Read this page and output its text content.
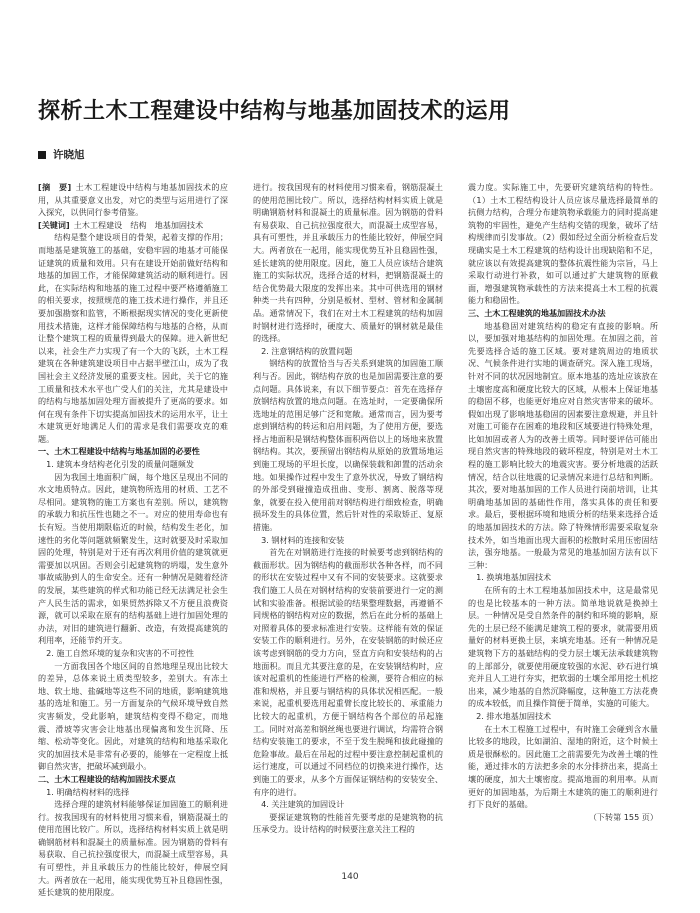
探析土木工程建设中结构与地基加固技术的运用
许晓旭

[摘　要] 土木工程建设中结构与地基加固技术的应用，从其重要意义出发，对它的类型与运用进行了深入探究，以供同行参考借鉴。

[关键词] 土木工程建设　结构　地基加固技术

结构是整个建设项目的骨架，起着支撑的作用；而地基是建筑施工的基础，安稳牢固的地基才可能保证建筑的质量和效用。只有在建设开始前做好结构和地基的加固工作，才能保障建筑活动的顺利进行。因此，在实际结构和地基的施工过程中要严格遵循施工的相关要求，按照规范的施工技术进行操作，并且还要加强勘察和监管，不断根据现实情况的变化更新使用技术措施，这样才能保障结构与地基的合格，从而让整个建筑工程的质量得到最大的保障。进入新世纪以来，社会生产力实现了有一个大的飞跃，土木工程建筑在各种建筑建设项目中占据半壁江山，成为了我国社会主义经济发展的重要支柱。因此，关于它的施工质量和技术水平也广受人们的关注，尤其是建设中的结构与地基加固处理方面被提升了更高的要求。如何在现有条件下切实提高加固技术的运用水平，让土木建筑更好地满足人们的需求是我们需要攻克的难题。

一、土木工程建设中结构与地基加固的必要性

1. 建筑本身结构老化引发的质量问题频发

因为我国土地面积广阔，每个地区呈现出不同的水文地质特点。因此，建筑物所选用的材质、工艺不尽相同。建筑物的施工方案也有差别。所以，建筑物的承载力和抗压性也随之不一。对应的使用寿命也有长有短。当使用期限临近的时候，结构发生老化，加速性的劣化等问题就频繁发生，这时就要及时采取加固的处理，特别是对于还有再次利用价值的建筑就更需要加以巩固。否则会引起建筑物的坍塌，发生意外事故威胁到人的生命安全。还有一种情况是随着经济的发展，某些建筑的样式和功能已经无法满足社会生产人民生活的需求，如果贸然拆除又不方便且浪费资源，就可以采取在原有的结构基础上进行加固处理的办法，对旧的建筑进行翻新、改造，有效提高建筑的利用率，还能节约开支。

2. 施工自然环境的复杂和灾害的不可控性

一方面我国各个地区间的自然地理呈现出比较大的差异，总体来说土质类型较多，差别大。有冻土地、软土地、盐碱地等这些不同的地质，影响建筑地基的选址和施工。另一方面复杂的气候环境导致自然灾害频发，受此影响，建筑结构变得不稳定，而地震、滑坡等灾害会让地基出现偏离和发生沉降、压缩、松动等变化。因此，对建筑的结构和地基采取化灾的加固技术是非常有必要的，能够在一定程度上抵御自然灾害，把破坏减到最小。

二、土木工程建设的结构加固技术要点

1. 明确结构材料的选择

选择合理的建筑材料能够保证加固施工的顺利进行。按我国现有的材料使用习惯来看，钢筋混凝土的使用范围比较广。所以，选择结构材料实质上就是明确钢筋材料和混凝土的质量标准。因为钢筋的骨料有易获取、自己抗拉强度很大，而混凝土成型容易，具有可塑性，并且承载压力的性能比较好，伸展空间大。两者放在一起用，能实现优势互补且稳固性强，延长建筑的使用限度。

进行。按我国现有的材料使用习惯来看，钢筋混凝土的使用范围比较广。所以，选择结构材料实质上就是明确钢筋材料和混凝土的质量标准。因为钢筋的骨料有易获取、自己抗拉强度很大，而混凝土成型容易，具有可塑性，并且承载压力的性能比较好，伸展空间大。两者放在一起用，能实现优势互补且稳固性强，延长建筑的使用限度。因此，施工人员应该结合建筑施工的实际状况，选择合适的材料，把钢筋混凝土的结合优势最大限度的发挥出来。其中可供选用的钢材种类一共有四种，分别是板材、型材、管材和金属制品。通常情况下，我们在对土木工程建筑的结构加固时钢材进行选择时，硬度大、质量好的钢材就是最佳的选择。

2. 注意钢结构的放置问题

钢结构的放置恰当与否关系到建筑的加固施工顺利与否。因此，钢结构存放的也是加固需要注意的要点问题。具体说来，有以下细节要点：首先在选择存放钢结构放置的地点问题。在选址时，一定要确保所选地址的范围足够广泛和宽敞。通常而言，因为要考虑到钢结构的转运和启用问题，为了使用方便，要选择占地面积是钢结构整体面积两倍以上的场地来放置钢结构。其次，要预留出钢结构从原始的放置场地运到施工现场的平坦长度，以确保装载和卸置的活动余地。如果操作过程中发生了意外状况，导致了钢结构的外部受到碰撞造成扭曲、变形、割离、脱落等现象，就要在投入使用前对钢结构进行细致检查，明确损坏发生的具体位置，然后针对性的采取矫正、复原措施。

3. 钢材料的连接和安装

首先在对钢筋进行连接的时候要考虑到钢结构的截面形状。因为钢结构的截面形状各种各样，而不同的形状在安装过程中又有不同的安装要求。这就要求我们施工人员在对钢材结构的安装前要进行一定的测试和实验准备。根据试验的结果整理数据，再遵循不同规格的钢结构对应的数据，然后在此分析的基础上对照着具体的要求标准进行安装。这样能有效的保证安装工作的顺利进行。另外，在安装钢筋的时候还应该考虑到钢筋的受力方向，竖直方向和安装结构的占地面积。而且尤其要注意的是，在安装钢结构时，应该对起重机的性能进行严格的检测，要符合相应的标准和规格，并且要与钢结构的具体状况相匹配。一般来说，起重机要选用起重臂长度比较长的、承重能力比较大的起重机，方便于钢结构各个部位的吊起施工。同时对高差和钢丝绳也要进行调试，均需符合钢结构安装施工的要求，不至于发生脱绳和拔此碰撞的危险事故。最后在吊起的过程中要注意控制起重机的运行速度，可以通过不同档位的切换来进行操作，达到施工的要求，从多个方面保证钢结构的安装安全、有序的进行。

4. 关注建筑的加固设计

要探证建筑物的性能首先要考虑的是建筑物的抗压承受力。设计结构的时候要注意关注工程的

震力度。实际施工中，先要研究建筑结构的特性。（1）土木工程结构设计人员应该尽量选择最简单的抗侧力结构，合理分布建筑物承载能力的同时提高建筑物的牢固性，避免产生结构交错的现象，破坏了结构规律而引发事故。（2）假如经过全面分析检查后发现确实是土木工程建筑的结构设计出现缺陷和不足，就应该以有效提高建筑的整体抗震性能为宗旨，马上采取行动进行补救，如可以通过扩大建筑物的原截面，增强建筑物承载性的方法来提高土木工程的抗震能力和稳固性。

三、土木工程建筑的地基加固技术办法

地基稳固对建筑结构的稳定有直接的影响。所以，要加强对地基结构的加固处理。在加固之前，首先要选择合适的施工区域。要对建筑周边的地质状况、气候条件进行实地的调查研究。深入施工现场，针对不同的状况因地制宜。原本地基的选址应该放在土壤密度高和硬度比较大的区域，从根本上保证地基的稳固不移，也能更好地应对自然灾害带来的破坏。假如出现了影响地基稳固的因素要注意规避，并且针对施工可能存在困难的地段和区域要进行特殊处理，比如加固或者人为的改善土质等。同时要评估可能出现自然灾害的特殊地段的破坏程度，特别是对土木工程的施工影响比较大的地震灾害。要分析地震的活跃情况，结合以往地震的记录情况来进行总结和判断。其次，要对地基加固的工作人员进行岗前培训，让其明确地基加固的基础性作用，落实具体的责任和要求。最后，要根据环境和地质分析的结果来选择合适的地基加固技术的方法。除了特殊情形需要采取复杂技术外，如当地面出现大面积的松散时采用压密固结法，强夯地基。一般最为常见的地基加固方法有以下三种：

1. 换填地基加固技术

在所有的土木工程地基加固技术中，这是最常见的也是比较基本的一种方法。简单地说就是换掉土层。一种情况是受自然条件的制约和环境的影响，原先的土层已经不能满足建筑工程的要求，就需要用质量好的材料更换土层，来填充地基。还有一种情况是建筑物下方的基础结构的受力层土壤无法承载建筑物的上部部分，就要使用硬度较强的水泥、砂石进行填充并且人工进行夯实，把软弱的土壤全部用挖土机挖出来，减少地基的自然沉降幅度，这种施工方法花费的成本较低，而且操作简便于简单，实施的可能大。

2. 排水地基加固技术

在土木工程施工过程中，有时施工会碰到含水量比较多的地段，比如湖泊、湿地的附近，这个时候土质是很酥松的。因此施工之前需要先为改善土壤的性能，通过排水的方法把多余的水分排挤出来，提高土壤的硬度，加大土壤密度。提高地面的利用率。从而更好的加固地基，为后期土木建筑的施工的顺利进行打下良好的基础。

（下转第 155 页）

140
